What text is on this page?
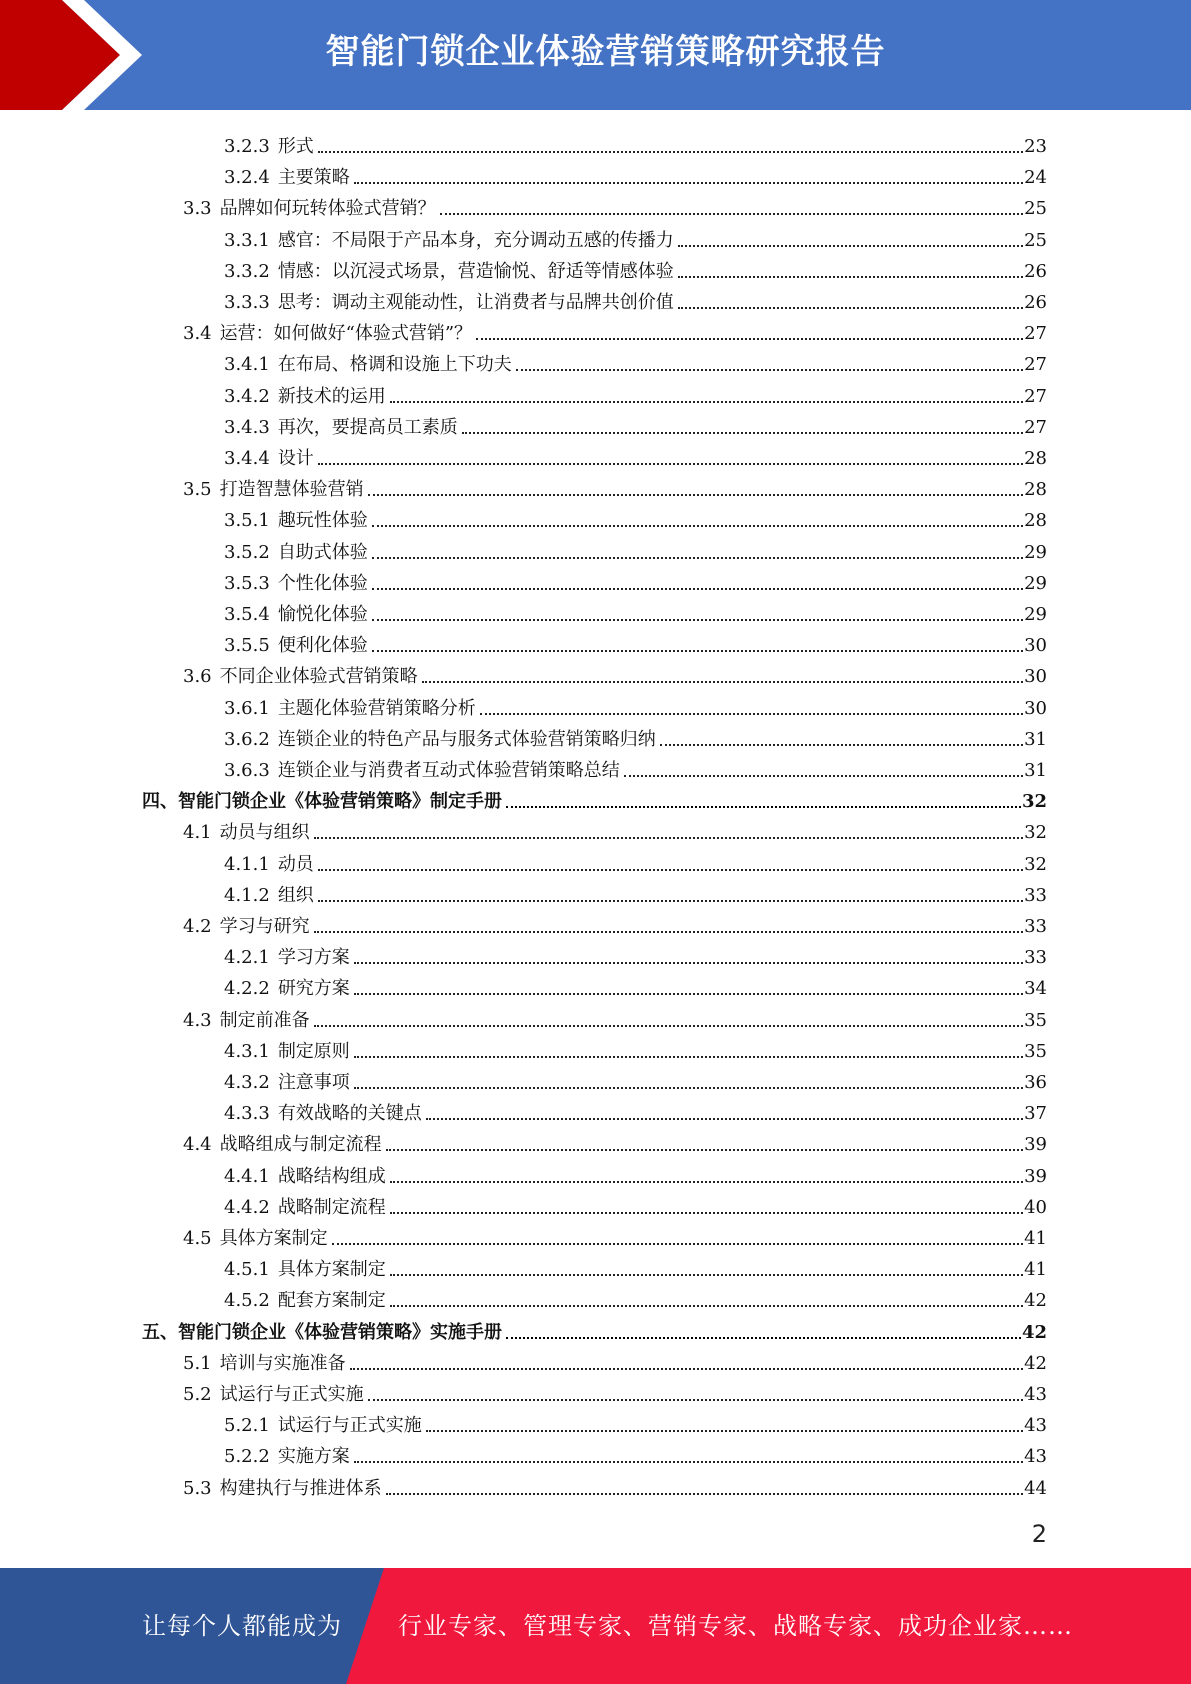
智能门锁企业体验营销策略研究报告
3.2.3 形式	23
3.2.4 主要策略	24
3.3 品牌如何玩转体验式营销？	25
3.3.1 感官：不局限于产品本身，充分调动五感的传播力	25
3.3.2 情感：以沉浸式场景，营造愉悦、舒适等情感体验	26
3.3.3 思考：调动主观能动性，让消费者与品牌共创价值	26
3.4 运营：如何做好“体验式营销”？	27
3.4.1 在布局、格调和设施上下功夫	27
3.4.2 新技术的运用	27
3.4.3 再次，要提高员工素质	27
3.4.4 设计	28
3.5 打造智慧体验营销	28
3.5.1 趣玩性体验	28
3.5.2 自助式体验	29
3.5.3 个性化体验	29
3.5.4 愉悦化体验	29
3.5.5 便利化体验	30
3.6 不同企业体验式营销策略	30
3.6.1 主题化体验营销策略分析	30
3.6.2 连锁企业的特色产品与服务式体验营销策略归纳	31
3.6.3 连锁企业与消费者互动式体验营销策略总结	31
四、智能门锁企业《体验营销策略》制定手册	32
4.1 动员与组织	32
4.1.1 动员	32
4.1.2 组织	33
4.2 学习与研究	33
4.2.1 学习方案	33
4.2.2 研究方案	34
4.3 制定前准备	35
4.3.1 制定原则	35
4.3.2 注意事项	36
4.3.3 有效战略的关键点	37
4.4 战略组成与制定流程	39
4.4.1 战略结构组成	39
4.4.2 战略制定流程	40
4.5 具体方案制定	41
4.5.1 具体方案制定	41
4.5.2 配套方案制定	42
五、智能门锁企业《体验营销策略》实施手册	42
5.1 培训与实施准备	42
5.2 试运行与正式实施	43
5.2.1 试运行与正式实施	43
5.2.2 实施方案	43
5.3 构建执行与推进体系	44
2
让每个人都能成为 行业专家、管理专家、营销专家、战略专家、成功企业家……
